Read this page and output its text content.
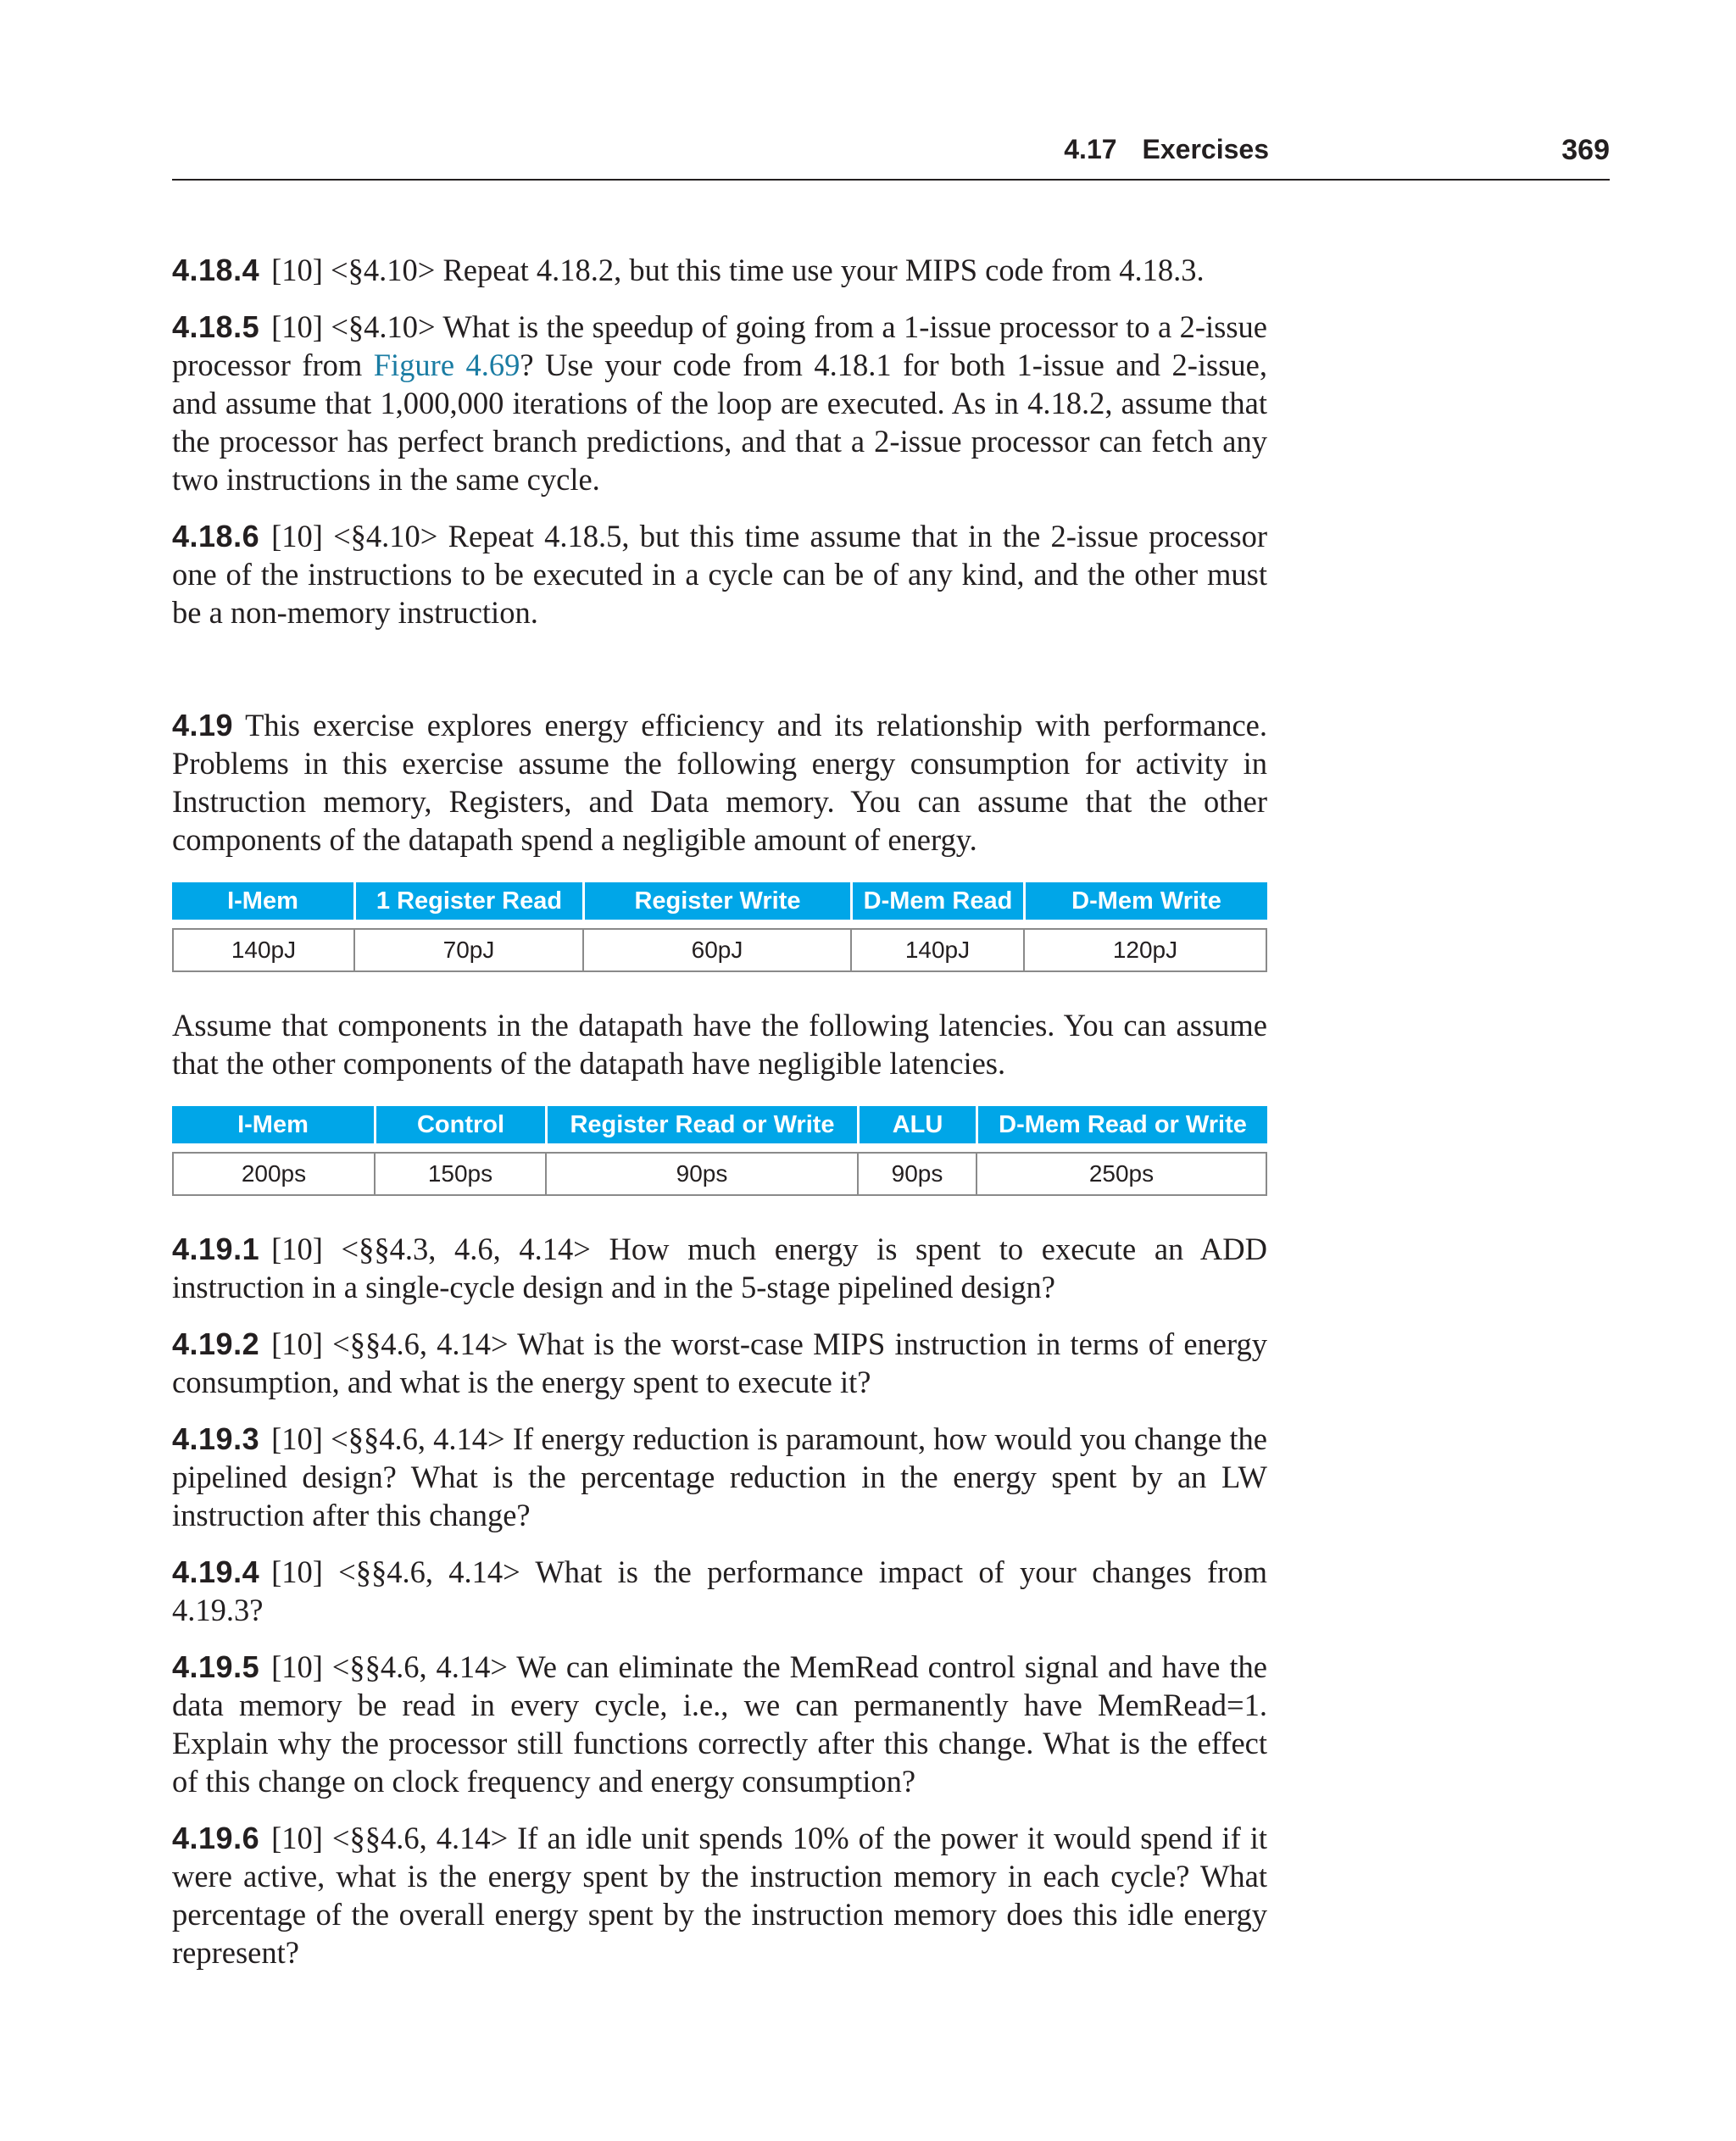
4.17 Exercises	369

4.18.4 [10] <§4.10> Repeat 4.18.2, but this time use your MIPS code from 4.18.3.

4.18.5 [10] <§4.10> What is the speedup of going from a 1-issue processor to a 2-issue processor from Figure 4.69? Use your code from 4.18.1 for both 1-issue and 2-issue, and assume that 1,000,000 iterations of the loop are executed. As in 4.18.2, assume that the processor has perfect branch predictions, and that a 2-issue processor can fetch any two instructions in the same cycle.

4.18.6 [10] <§4.10> Repeat 4.18.5, but this time assume that in the 2-issue processor one of the instructions to be executed in a cycle can be of any kind, and the other must be a non-memory instruction.

4.19 This exercise explores energy efficiency and its relationship with performance. Problems in this exercise assume the following energy consumption for activity in Instruction memory, Registers, and Data memory. You can assume that the other components of the datapath spend a negligible amount of energy.

I-Mem	1 Register Read	Register Write	D-Mem Read	D-Mem Write

140pJ	70pJ	60pJ	140pJ	120pJ

Assume that components in the datapath have the following latencies. You can assume that the other components of the datapath have negligible latencies.

I-Mem	Control	Register Read or Write	ALU	D-Mem Read or Write

200ps	150ps	90ps	90ps	250ps

4.19.1 [10] <§§4.3, 4.6, 4.14> How much energy is spent to execute an ADD instruction in a single-cycle design and in the 5-stage pipelined design?

4.19.2 [10] <§§4.6, 4.14> What is the worst-case MIPS instruction in terms of energy consumption, and what is the energy spent to execute it?

4.19.3 [10] <§§4.6, 4.14> If energy reduction is paramount, how would you change the pipelined design? What is the percentage reduction in the energy spent by an LW instruction after this change?

4.19.4 [10] <§§4.6, 4.14> What is the performance impact of your changes from 4.19.3?

4.19.5 [10] <§§4.6, 4.14> We can eliminate the MemRead control signal and have the data memory be read in every cycle, i.e., we can permanently have MemRead=1. Explain why the processor still functions correctly after this change. What is the effect of this change on clock frequency and energy consumption?

4.19.6 [10] <§§4.6, 4.14> If an idle unit spends 10% of the power it would spend if it were active, what is the energy spent by the instruction memory in each cycle? What percentage of the overall energy spent by the instruction memory does this idle energy represent?
